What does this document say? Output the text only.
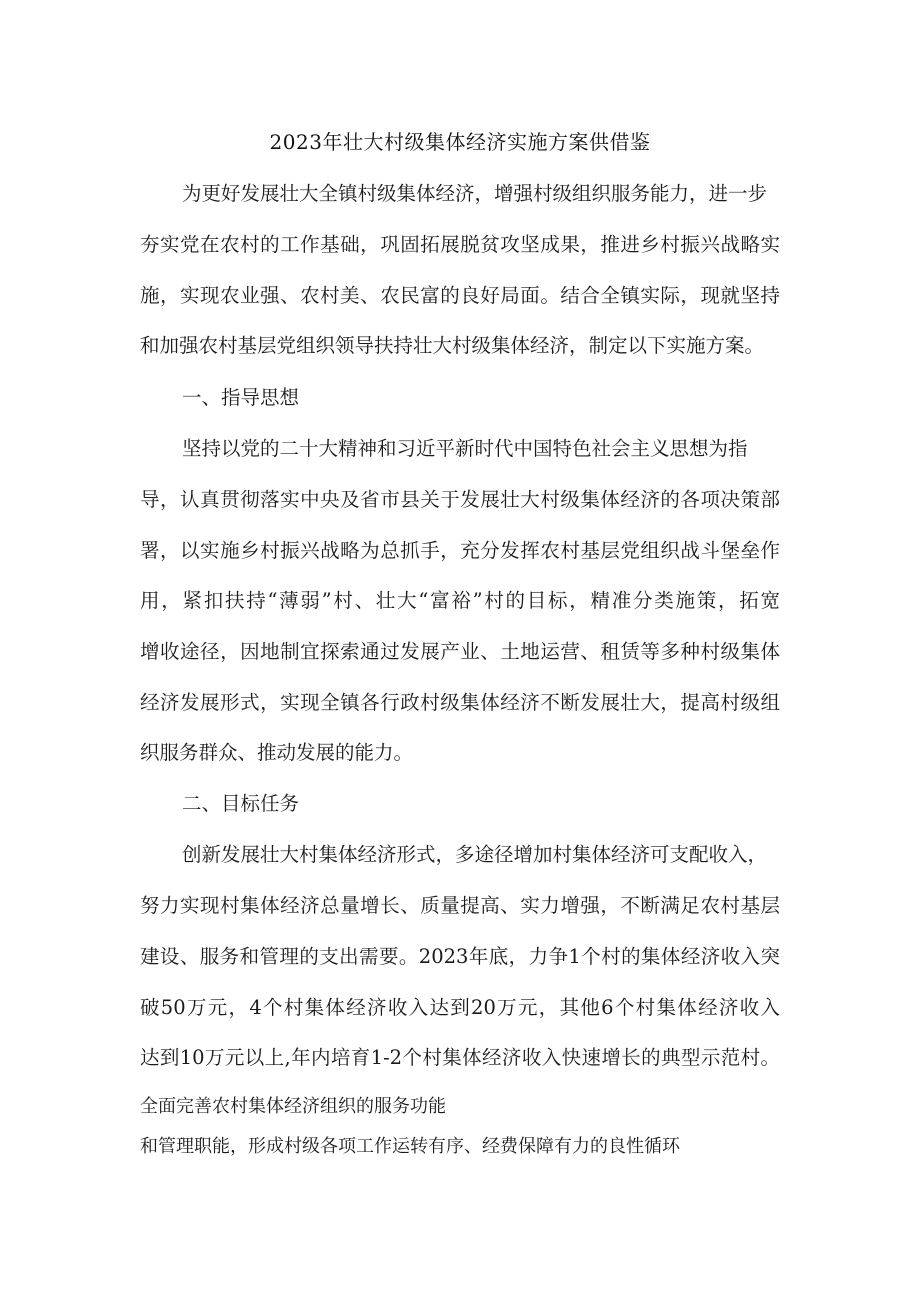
2023年壮大村级集体经济实施方案供借鉴
为更好发展壮大全镇村级集体经济，增强村级组织服务能力，进一步
夯实党在农村的工作基础，巩固拓展脱贫攻坚成果，推进乡村振兴战略实
施，实现农业强、农村美、农民富的良好局面。结合全镇实际，现就坚持
和加强农村基层党组织领导扶持壮大村级集体经济，制定以下实施方案。
一、指导思想
坚持以党的二十大精神和习近平新时代中国特色社会主义思想为指
导，认真贯彻落实中央及省市县关于发展壮大村级集体经济的各项决策部
署，以实施乡村振兴战略为总抓手，充分发挥农村基层党组织战斗堡垒作
用，紧扣扶持“薄弱”村、壮大“富裕”村的目标，精准分类施策，拓宽
增收途径，因地制宜探索通过发展产业、土地运营、租赁等多种村级集体
经济发展形式，实现全镇各行政村级集体经济不断发展壮大，提高村级组
织服务群众、推动发展的能力。
二、目标任务
创新发展壮大村集体经济形式，多途径增加村集体经济可支配收入，
努力实现村集体经济总量增长、质量提高、实力增强，不断满足农村基层
建设、服务和管理的支出需要。2023年底，力争1个村的集体经济收入突
破50万元，4个村集体经济收入达到20万元，其他6个村集体经济收入
达到10万元以上,年内培育1-2个村集体经济收入快速增长的典型示范村。
全面完善农村集体经济组织的服务功能
和管理职能，形成村级各项工作运转有序、经费保障有力的良性循环
